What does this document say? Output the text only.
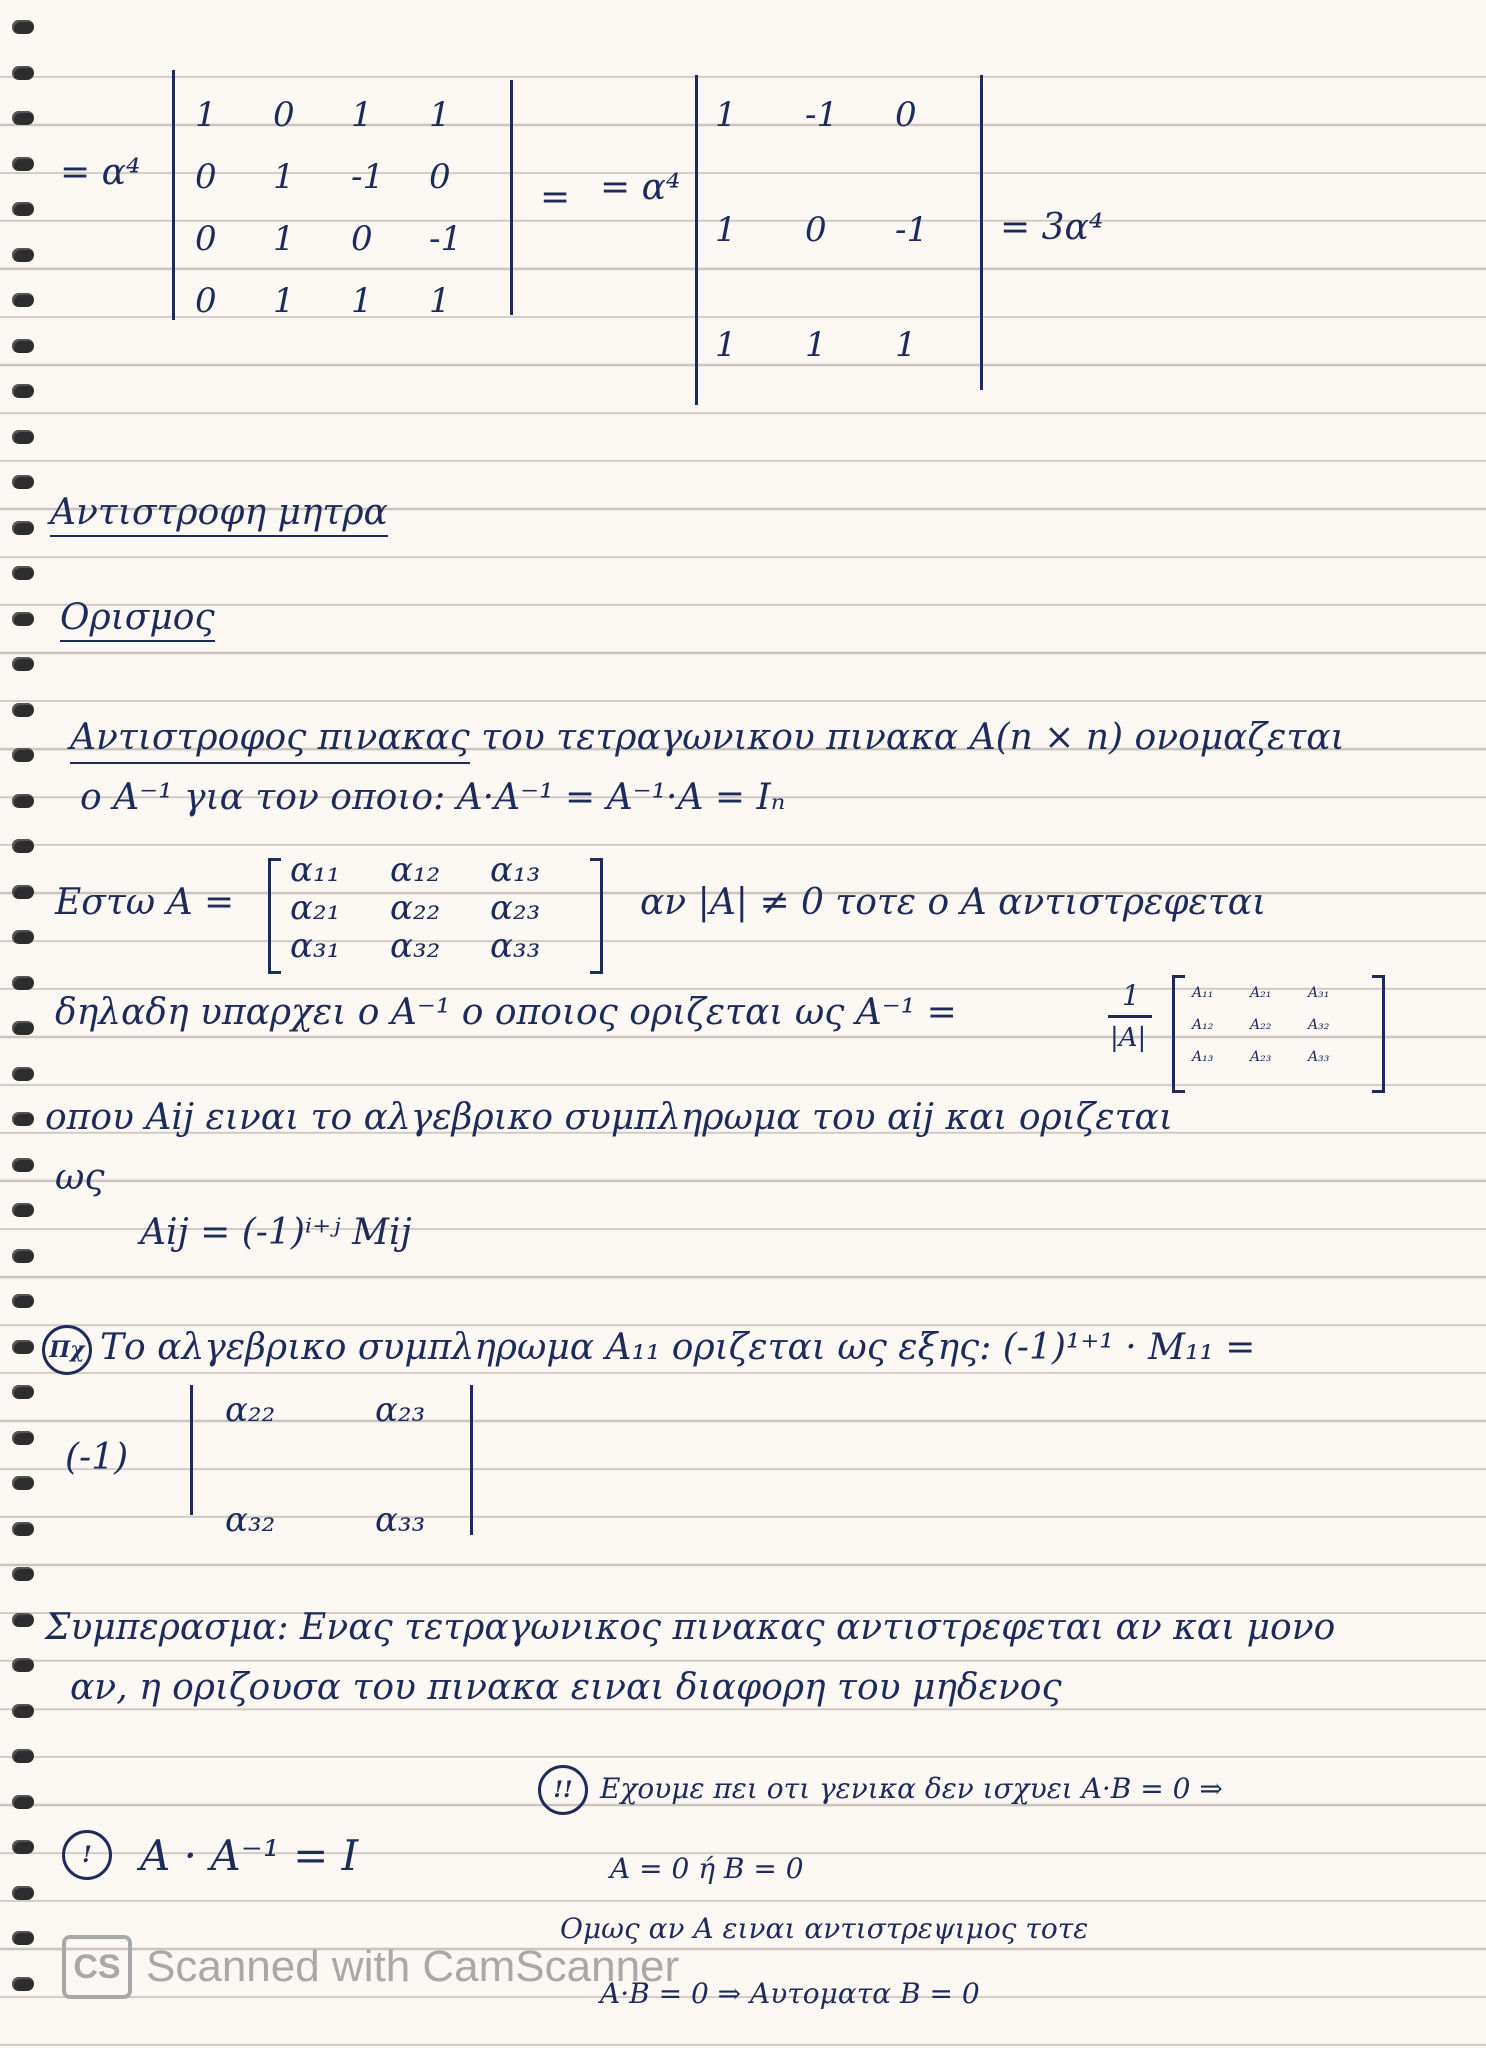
= α⁴
1 0 1 1
0 1 -1 0
0 1 0 -1
0 1 1 1
= = α⁴
1 -1 0
1 0 -1
1 1 1
= 3α⁴
Αντιστροφη μητρα
Ορισμος
Αντιστροφος πινακας του τετραγωνικου πινακα A(n × n) ονομαζεται
ο A⁻¹ για τον οποιο: A·A⁻¹ = A⁻¹·A = Iₙ
Εστω A =
α₁₁ α₁₂ α₁₃
α₂₁ α₂₂ α₂₃
α₃₁ α₃₂ α₃₃
αν |A| ≠ 0 τοτε ο A αντιστρεφεται
δηλαδη υπαρχει ο A⁻¹ ο οποιος οριζεται ως A⁻¹ =	1
|A|
A₁₁	A₂₁	A₃₁
A₁₂	A₂₂	A₃₂
A₁₃	A₂₃	A₃₃
οπου Aij ειναι το αλγεβρικο συμπληρωμα του αij και οριζεται
ως
Aij = (-1)ⁱ⁺ʲ Mij
Πχ Το αλγεβρικο συμπληρωμα A₁₁ οριζεται ως εξης: (-1)¹⁺¹ · M₁₁ =
(-1)
α₂₂	α₂₃
α₃₂	α₃₃
Συμπερασμα: Ενας τετραγωνικος πινακας αντιστρεφεται αν και μονο
αν, η οριζουσα του πινακα ειναι διαφορη του μηδενος
!	A · A⁻¹ = I
!! Εχουμε πει οτι γενικα δεν ισχυει A·B = 0 ⇒
A = 0 ή B = 0
Ομως αν A ειναι αντιστρεψιμος τοτε
A·B = 0 ⇒ Αυτοματα B = 0
CS Scanned with CamScanner
